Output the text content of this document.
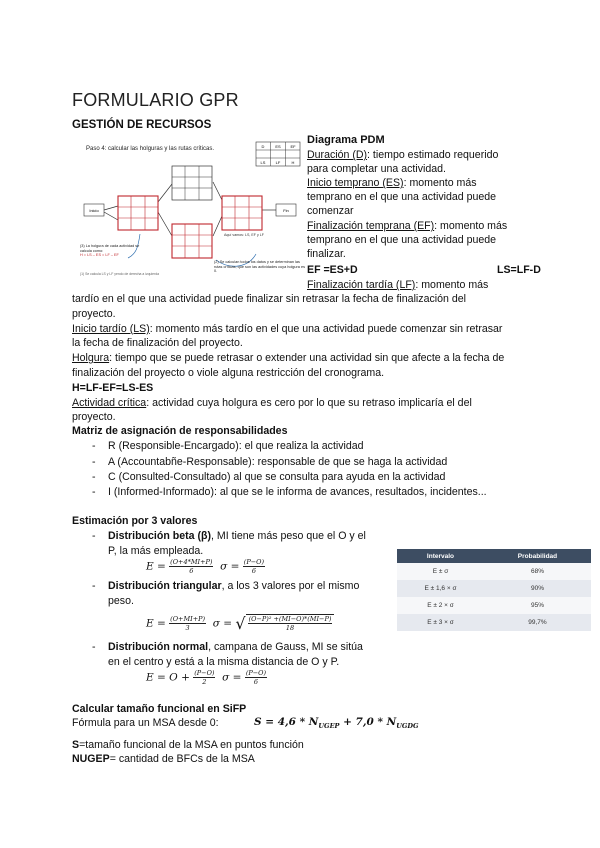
FORMULARIO GPR
GESTIÓN DE RECURSOS
Paso 4: calcular las holguras y las rutas críticas.	D	ES EF
LS	LF	H
Inicio	Fin
Aquí vamos: LS, EF y LF
(3) La holgura de cada actividad se calcula como:
H = LS – ES = LF – EF
(2) Se calculan todos los datos y se determinan las rutas críticas, que son las actividades cuya holgura es 0.
(1) Se calcula LS y LF yendo de derecha a izquierda
Diagrama PDM
Duración (D): tiempo estimado requerido
para completar una actividad.
Inicio temprano (ES): momento más
temprano en el que una actividad puede
comenzar
Finalización temprana (EF): momento más
temprano en el que una actividad puede
finalizar.
EF =ES+D	LS=LF-D
Finalización tardía (LF): momento más
tardío en el que una actividad puede finalizar sin retrasar la fecha de finalización del
proyecto.
Inicio tardío (LS): momento más tardío en el que una actividad puede comenzar sin retrasar
la fecha de finalización del proyecto.
Holgura: tiempo que se puede retrasar o extender una actividad sin que afecte a la fecha de
finalización del proyecto o viole alguna restricción del cronograma.
H=LF-EF=LS-ES
Actividad crítica: actividad cuya holgura es cero por lo que su retraso implicaría el del
proyecto.
Matriz de asignación de responsabilidades
- R (Responsible-Encargado): el que realiza la actividad
- A (Accountabñe-Responsable): responsable de que se haga la actividad
- C (Consulted-Consultado) al que se consulta para ayuda en la actividad
- I (Informed-Informado): al que se le informa de avances, resultados, incidentes...
Estimación por 3 valores
- Distribución beta (β), MI tiene más peso que el O y el
P, la más empleada.
$E = \frac{(O+4*MI+P)}{6}$ $\sigma = \frac{(P-O)}{6}$
- Distribución triangular, a los 3 valores por el mismo
peso.
$E = \frac{(O+MI+P)}{3}$ σ = √ $\frac{\text{(O−P)² +(MI−O)*(MI−P)}}{18}$
- Distribución normal, campana de Gauss, MI se sitúa
en el centro y está a la misma distancia de O y P.
$E = O + \frac{(P-O)}{2}$ $\sigma = \frac{(P-O)}{6}$
Intervalo	Probabilidad
E ± σ	68%
E ± 1,6 × σ	90%
E ± 2 × σ	95%
E ± 3 × σ	99,7%
Calcular tamaño funcional en SiFP
Fórmula para un MSA desde 0:	$S = 4,6 * N_{UGEP} + 7,0 * N_{UGDG}$
S=tamaño funcional de la MSA en puntos función
NUGEP= cantidad de BFCs de la MSA
